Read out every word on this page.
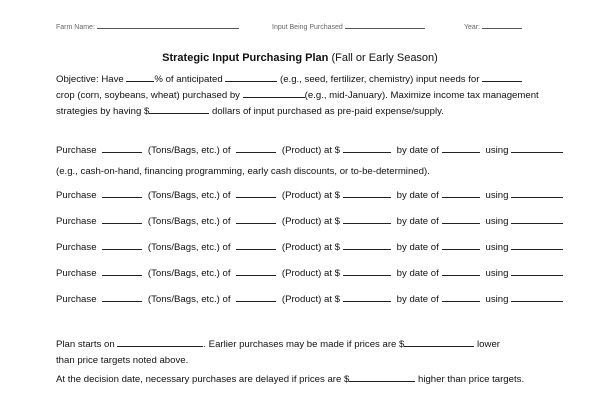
Farm Name:	Input Being Purchased	Year:
Strategic Input Purchasing Plan (Fall or Early Season)
Objective: Have	% of anticipated	(e.g., seed, fertilizer, chemistry) input needs for
crop (corn, soybeans, wheat) purchased by	(e.g., mid-January). Maximize income tax management
strategies by having $	dollars of input purchased as pre-paid expense/supply.
Purchase	(Tons/Bags, etc.) of	(Product) at $	by date of	using
(e.g., cash-on-hand, financing programming, early cash discounts, or to-be-determined).
Purchase	(Tons/Bags, etc.) of	(Product) at $	by date of	using
Purchase	(Tons/Bags, etc.) of	(Product) at $	by date of	using
Purchase	(Tons/Bags, etc.) of	(Product) at $	by date of	using
Purchase	(Tons/Bags, etc.) of	(Product) at $	by date of	using
Purchase	(Tons/Bags, etc.) of	(Product) at $	by date of	using
Plan starts on	. Earlier purchases may be made if prices are $	lower
than price targets noted above.
At the decision date, necessary purchases are delayed if prices are $	higher than price targets.
